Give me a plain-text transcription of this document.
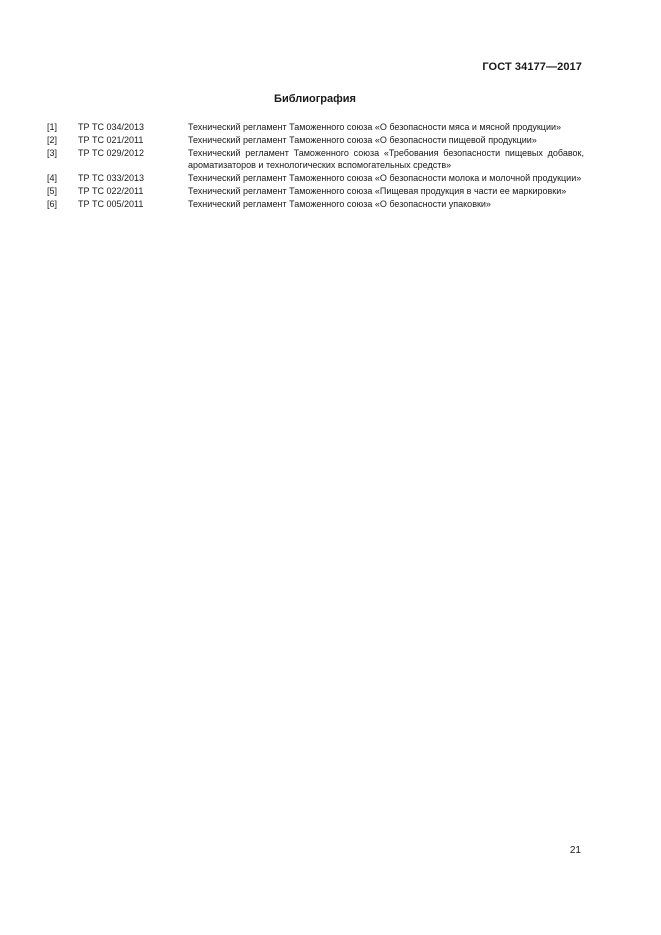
ГОСТ 34177—2017
Библиография
[1]	ТР ТС 034/2013	Технический регламент Таможенного союза «О безопасности мяса и мясной продукции»
[2]	ТР ТС 021/2011	Технический регламент Таможенного союза «О безопасности пищевой продукции»
[3]	ТР ТС 029/2012	Технический регламент Таможенного союза «Требования безопасности пищевых добавок, ароматизаторов и технологических вспомогательных средств»
[4]	ТР ТС 033/2013	Технический регламент Таможенного союза «О безопасности молока и молочной продукции»
[5]	ТР ТС 022/2011	Технический регламент Таможенного союза «Пищевая продукция в части ее маркировки»
[6]	ТР ТС 005/2011	Технический регламент Таможенного союза «О безопасности упаковки»
21
